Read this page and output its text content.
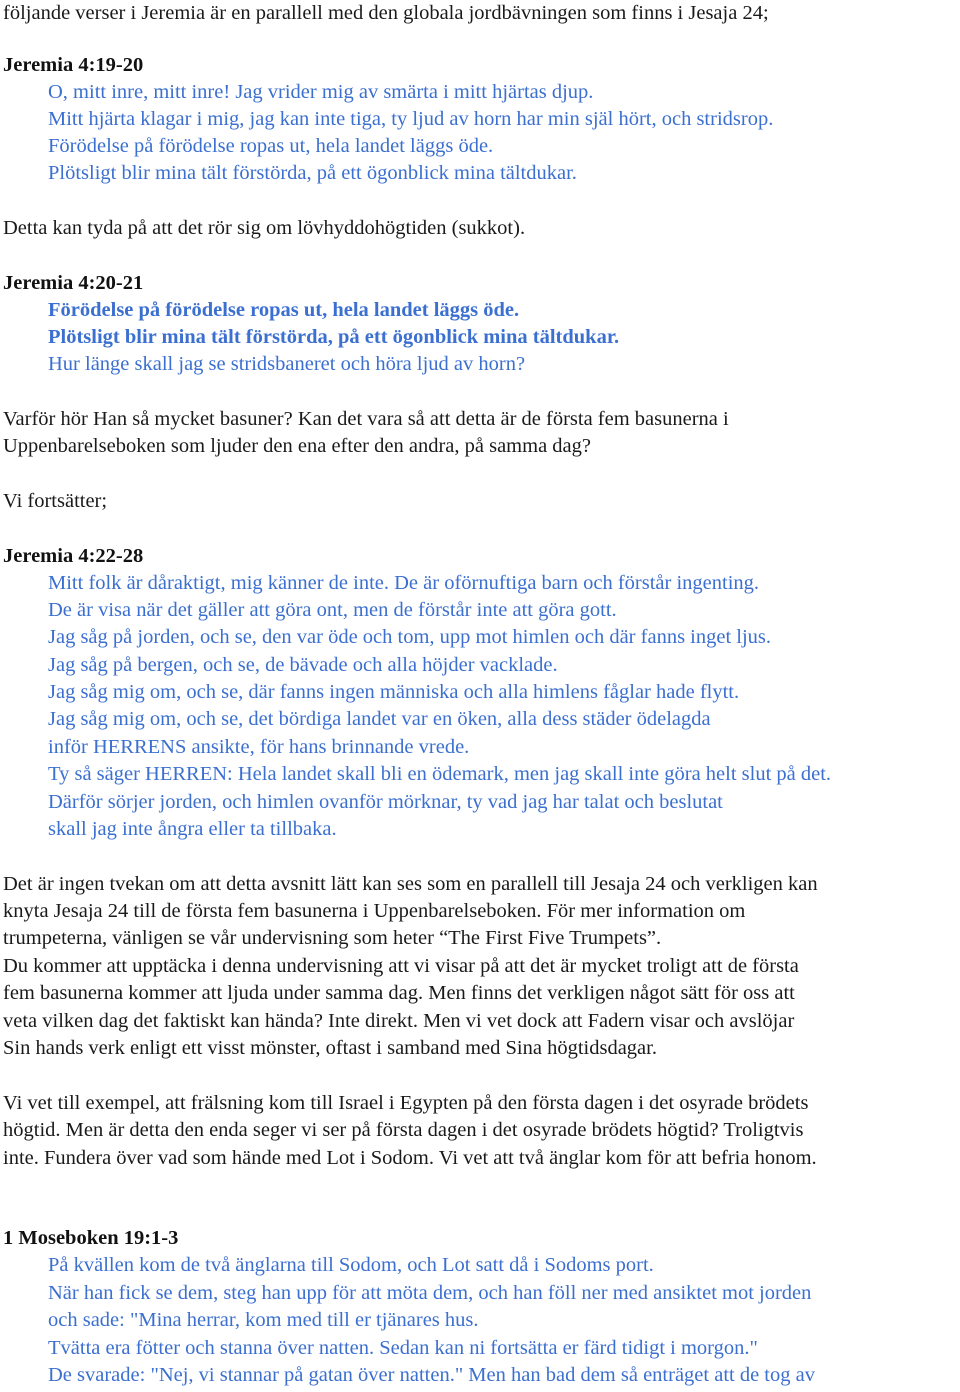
följande verser i Jeremia är en parallell med den globala jordbävningen som finns i Jesaja 24;
Jeremia 4:19-20
O, mitt inre, mitt inre! Jag vrider mig av smärta i mitt hjärtas djup.
Mitt hjärta klagar i mig, jag kan inte tiga, ty ljud av horn har min själ hört, och stridsrop.
Förödelse på förödelse ropas ut, hela landet läggs öde.
Plötsligt blir mina tält förstörda, på ett ögonblick mina tältdukar.
Detta kan tyda på att det rör sig om lövhyddohögtiden (sukkot).
Jeremia 4:20-21
Förödelse på förödelse ropas ut, hela landet läggs öde.
Plötsligt blir mina tält förstörda, på ett ögonblick mina tältdukar.
Hur länge skall jag se stridsbaneret och höra ljud av horn?
Varför hör Han så mycket basuner? Kan det vara så att detta är de första fem basunerna i
Uppenbarelseboken som ljuder den ena efter den andra, på samma dag?
Vi fortsätter;
Jeremia 4:22-28
Mitt folk är dåraktigt, mig känner de inte. De är oförnuftiga barn och förstår ingenting.
De är visa när det gäller att göra ont, men de förstår inte att göra gott.
Jag såg på jorden, och se, den var öde och tom, upp mot himlen och där fanns inget ljus.
Jag såg på bergen, och se, de bävade och alla höjder vacklade.
Jag såg mig om, och se, där fanns ingen människa och alla himlens fåglar hade flytt.
Jag såg mig om, och se, det bördiga landet var en öken, alla dess städer ödelagda
inför HERRENS ansikte, för hans brinnande vrede.
Ty så säger HERREN: Hela landet skall bli en ödemark, men jag skall inte göra helt slut på det.
Därför sörjer jorden, och himlen ovanför mörknar, ty vad jag har talat och beslutat
skall jag inte ångra eller ta tillbaka.
Det är ingen tvekan om att detta avsnitt lätt kan ses som en parallell till Jesaja 24 och verkligen kan
knyta Jesaja 24 till de första fem basunerna i Uppenbarelseboken. För mer information om
trumpeterna, vänligen se vår undervisning som heter “The First Five Trumpets”.
Du kommer att upptäcka i denna undervisning att vi visar på att det är mycket troligt att de första
fem basunerna kommer att ljuda under samma dag. Men finns det verkligen något sätt för oss att
veta vilken dag det faktiskt kan hända? Inte direkt. Men vi vet dock att Fadern visar och avslöjar
Sin hands verk enligt ett visst mönster, oftast i samband med Sina högtidsdagar.
Vi vet till exempel, att frälsning kom till Israel i Egypten på den första dagen i det osyrade brödets
högtid. Men är detta den enda seger vi ser på första dagen i det osyrade brödets högtid? Troligtvis
inte. Fundera över vad som hände med Lot i Sodom. Vi vet att två änglar kom för att befria honom.
1 Moseboken 19:1-3
På kvällen kom de två änglarna till Sodom, och Lot satt då i Sodoms port.
När han fick se dem, steg han upp för att möta dem, och han föll ner med ansiktet mot jorden
och sade: "Mina herrar, kom med till er tjänares hus.
Tvätta era fötter och stanna över natten. Sedan kan ni fortsätta er färd tidigt i morgon."
De svarade: "Nej, vi stannar på gatan över natten." Men han bad dem så enträget att de tog av
